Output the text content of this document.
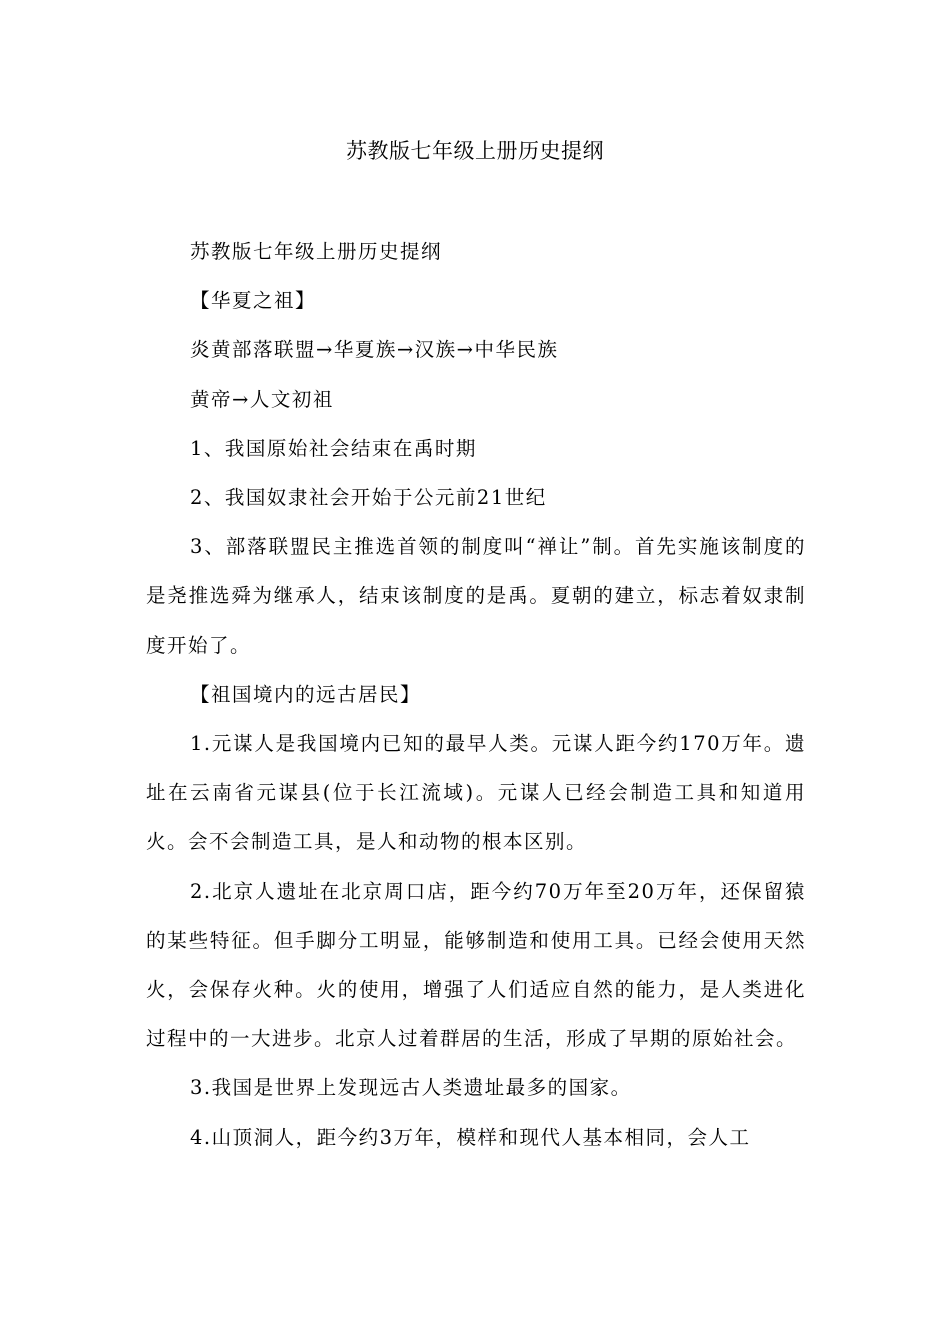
苏教版七年级上册历史提纲

苏教版七年级上册历史提纲

【华夏之祖】

炎黄部落联盟→华夏族→汉族→中华民族

黄帝→人文初祖

1、我国原始社会结束在禹时期

2、我国奴隶社会开始于公元前21世纪

3、部落联盟民主推选首领的制度叫“禅让”制。首先实施该制度的是尧推选舜为继承人，结束该制度的是禹。夏朝的建立，标志着奴隶制度开始了。

【祖国境内的远古居民】

1.元谋人是我国境内已知的最早人类。元谋人距今约170万年。遗址在云南省元谋县(位于长江流域)。元谋人已经会制造工具和知道用火。会不会制造工具，是人和动物的根本区别。

2.北京人遗址在北京周口店，距今约70万年至20万年，还保留猿的某些特征。但手脚分工明显，能够制造和使用工具。已经会使用天然火，会保存火种。火的使用，增强了人们适应自然的能力，是人类进化过程中的一大进步。北京人过着群居的生活，形成了早期的原始社会。

3.我国是世界上发现远古人类遗址最多的国家。

4.山顶洞人，距今约3万年，模样和现代人基本相同，会人工
